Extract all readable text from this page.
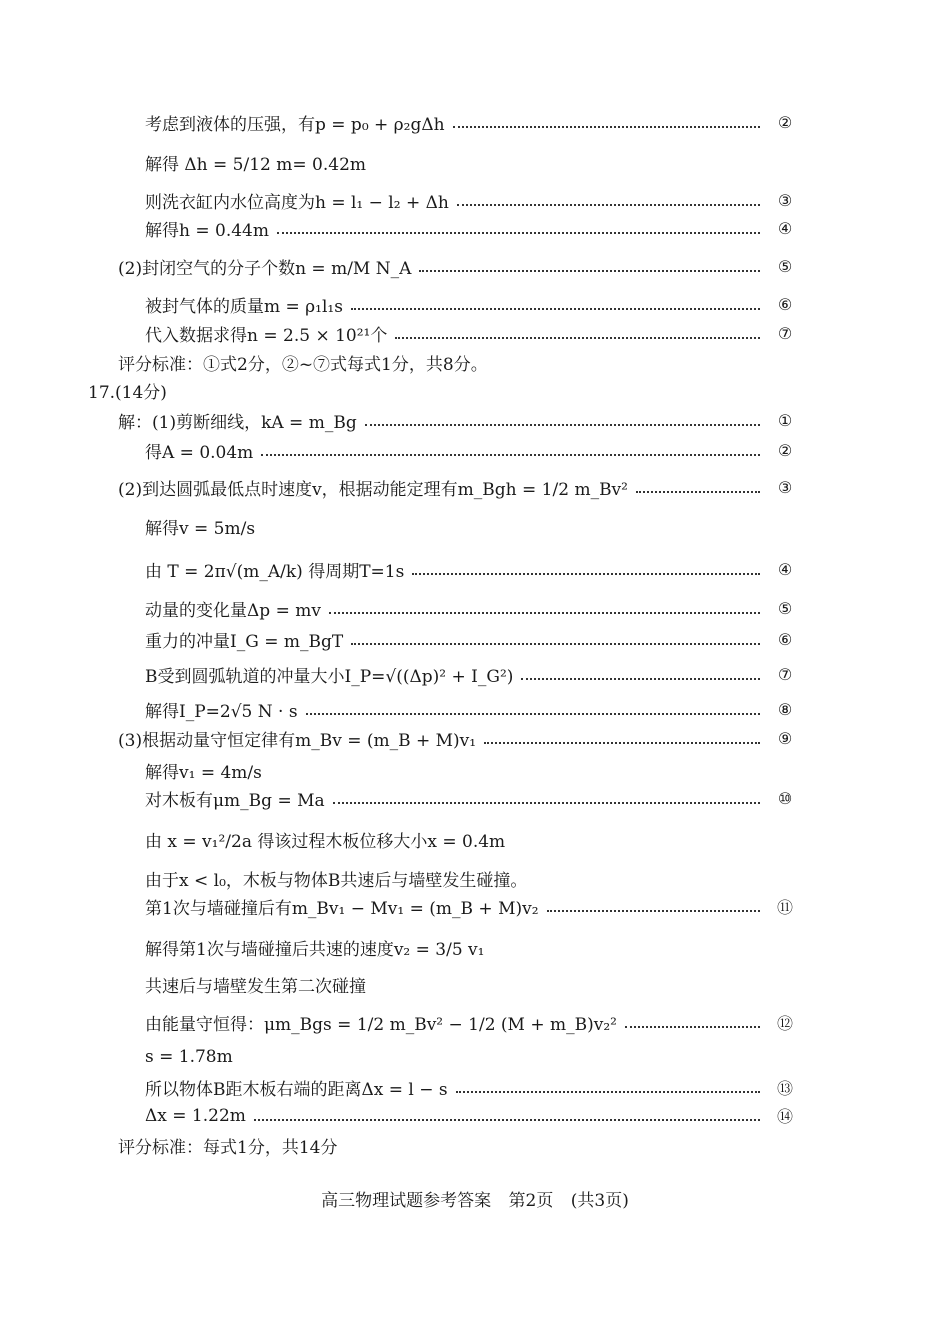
考虑到液体的压强，有p = p₀ + ρ₂gΔh	②
解得 Δh = 5/12 m= 0.42m
则洗衣缸内水位高度为h = l₁ − l₂ + Δh	③
解得h = 0.44m	④
(2)封闭空气的分子个数n = m/M N_A	⑤
被封气体的质量m = ρ₁l₁s	⑥
代入数据求得n = 2.5 × 10²¹个	⑦
评分标准：①式2分，②~⑦式每式1分，共8分。
17.(14分)
解：(1)剪断细线，kA = m_Bg	①
得A = 0.04m	②
(2)到达圆弧最低点时速度v，根据动能定理有m_Bgh = 1/2 m_Bv²	③
解得v = 5m/s
由 T = 2π√(m_A/k) 得周期T=1s	④
动量的变化量Δp = mv	⑤
重力的冲量I_G = m_BgT	⑥
B受到圆弧轨道的冲量大小I_P=√((Δp)² + I_G²)	⑦
解得I_P=2√5 N · s	⑧
(3)根据动量守恒定律有m_Bv = (m_B + M)v₁	⑨
解得v₁ = 4m/s
对木板有μm_Bg = Ma	⑩
由 x = v₁²/2a 得该过程木板位移大小x = 0.4m
由于x < l₀，木板与物体B共速后与墙壁发生碰撞。
第1次与墙碰撞后有m_Bv₁ − Mv₁ = (m_B + M)v₂	⑪
解得第1次与墙碰撞后共速的速度v₂ = 3/5 v₁
共速后与墙壁发生第二次碰撞
由能量守恒得：μm_Bgs = 1/2 m_Bv² − 1/2 (M + m_B)v₂²	⑫
s = 1.78m
所以物体B距木板右端的距离Δx = l − s	⑬
Δx = 1.22m	⑭
评分标准：每式1分，共14分
高三物理试题参考答案 第2页 (共3页)
